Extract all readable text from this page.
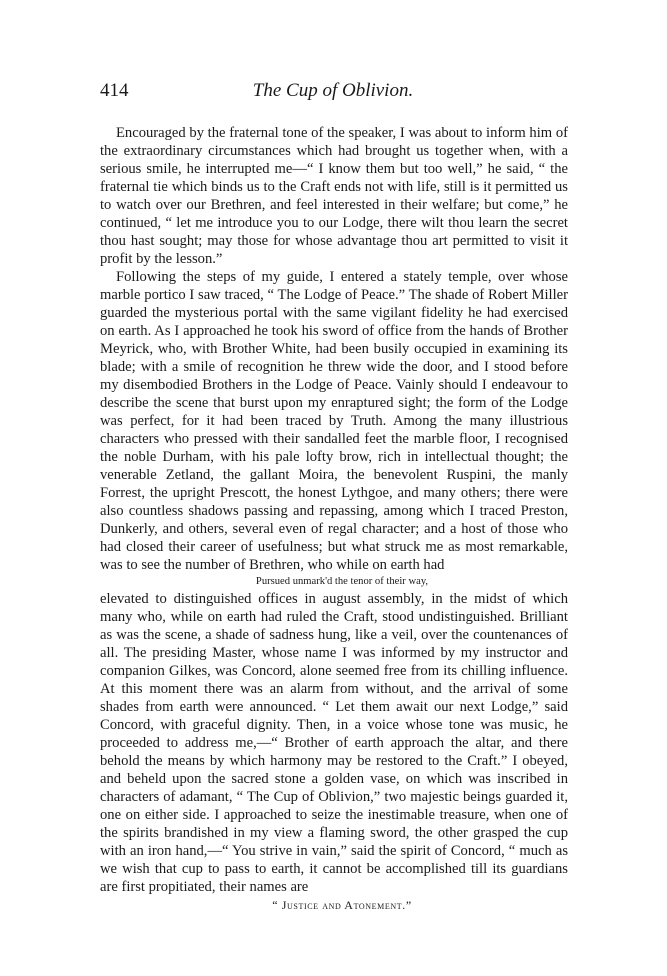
414	The Cup of Oblivion.

Encouraged by the fraternal tone of the speaker, I was about to inform him of the extraordinary circumstances which had brought us together when, with a serious smile, he interrupted me—“ I know them but too well,” he said, “ the fraternal tie which binds us to the Craft ends not with life, still is it permitted us to watch over our Brethren, and feel interested in their welfare; but come,” he continued, “ let me introduce you to our Lodge, there wilt thou learn the secret thou hast sought; may those for whose advantage thou art permitted to visit it profit by the lesson.”

Following the steps of my guide, I entered a stately temple, over whose marble portico I saw traced, “ The Lodge of Peace.” The shade of Robert Miller guarded the mysterious portal with the same vigilant fidelity he had exercised on earth. As I approached he took his sword of office from the hands of Brother Meyrick, who, with Brother White, had been busily occupied in examining its blade; with a smile of recognition he threw wide the door, and I stood before my disembodied Brothers in the Lodge of Peace. Vainly should I endeavour to describe the scene that burst upon my enraptured sight; the form of the Lodge was perfect, for it had been traced by Truth. Among the many illustrious characters who pressed with their sandalled feet the marble floor, I recognised the noble Durham, with his pale lofty brow, rich in intellectual thought; the venerable Zetland, the gallant Moira, the benevolent Ruspini, the manly Forrest, the upright Prescott, the honest Lythgoe, and many others; there were also countless shadows passing and repassing, among which I traced Preston, Dunkerly, and others, several even of regal character; and a host of those who had closed their career of usefulness; but what struck me as most remarkable, was to see the number of Brethren, who while on earth had

Pursued unmark'd the tenor of their way,

elevated to distinguished offices in august assembly, in the midst of which many who, while on earth had ruled the Craft, stood undistinguished. Brilliant as was the scene, a shade of sadness hung, like a veil, over the countenances of all. The presiding Master, whose name I was informed by my instructor and companion Gilkes, was Concord, alone seemed free from its chilling influence. At this moment there was an alarm from without, and the arrival of some shades from earth were announced. “ Let them await our next Lodge,” said Concord, with graceful dignity. Then, in a voice whose tone was music, he proceeded to address me,—“ Brother of earth approach the altar, and there behold the means by which harmony may be restored to the Craft.” I obeyed, and beheld upon the sacred stone a golden vase, on which was inscribed in characters of adamant, “ The Cup of Oblivion,” two majestic beings guarded it, one on either side. I approached to seize the inestimable treasure, when one of the spirits brandished in my view a flaming sword, the other grasped the cup with an iron hand,—“ You strive in vain,” said the spirit of Concord, “ much as we wish that cup to pass to earth, it cannot be accomplished till its guardians are first propitiated, their names are

“ Justice and Atonement.”
